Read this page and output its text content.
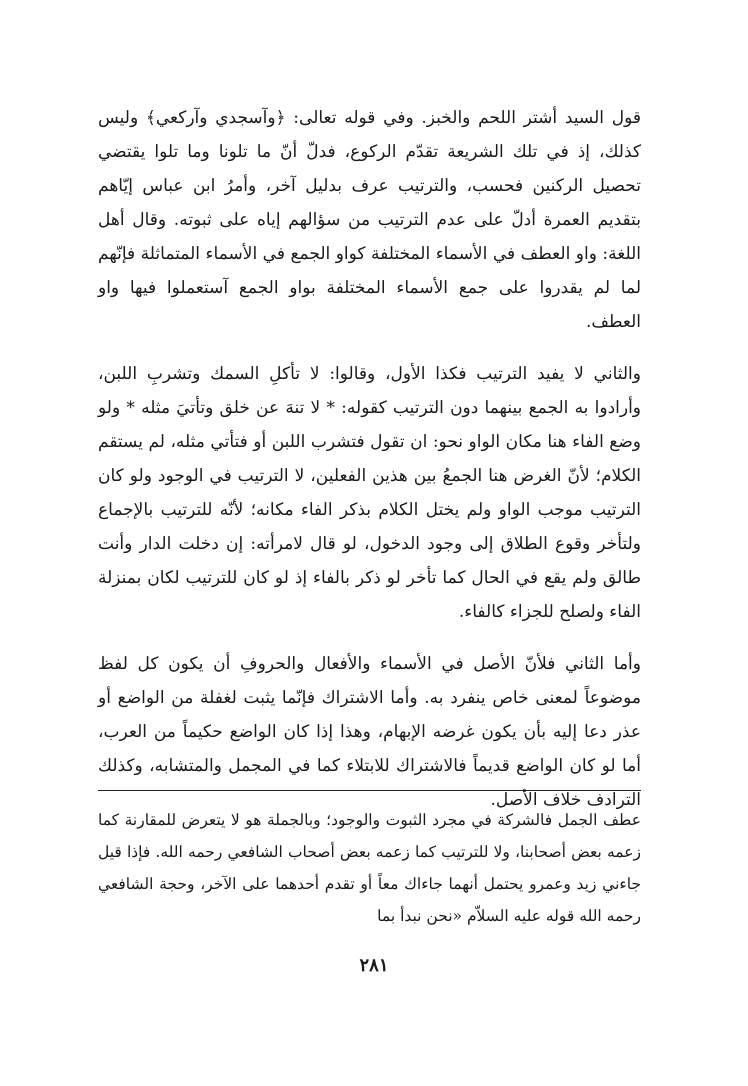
قول السيد أشتر اللحم والخبز. وفي قوله تعالى: ﴿وآسجدي وآركعي﴾ وليس كذلك، إذ في تلك الشريعة تقدّم الركوع، فدلّ أنّ ما تلونا وما تلوا يقتضي تحصيل الركنين فحسب، والترتيب عرف بدليل آخر، وأمرُ ابن عباس إيّاهم بتقديم العمرة أدلّ على عدم الترتيب من سؤالهم إياه على ثبوته. وقال أهل اللغة: واو العطف في الأسماء المختلفة كواو الجمع في الأسماء المتماثلة فإنّهم لما لم يقدروا على جمع الأسماء المختلفة بواو الجمع آستعملوا فيها واو العطف.

والثاني لا يفيد الترتيب فكذا الأول، وقالوا: لا تأكلِ السمك وتشربِ اللبن، وأرادوا به الجمع بينهما دون الترتيب كقوله: * لا تنهَ عن خلق وتأتيَ مثله * ولو وضع الفاء هنا مكان الواو نحو: ان تقول فتشرب اللبن أو فتأتي مثله، لم يستقم الكلام؛ لأنّ الغرض هنا الجمعُ بين هذين الفعلين، لا الترتيب في الوجود ولو كان الترتيب موجب الواو ولم يختل الكلام بذكر الفاء مكانه؛ لأنّه للترتيب بالإجماع ولتأخر وقوع الطلاق إلى وجود الدخول، لو قال لامرأته: إن دخلت الدار وأنت طالق ولم يقع في الحال كما تأخر لو ذكر بالفاء إذ لو كان للترتيب لكان بمنزلة الفاء ولصلح للجزاء كالفاء.

وأما الثاني فلأنّ الأصل في الأسماء والأفعال والحروفِ أن يكون كل لفظ موضوعاً لمعنى خاص ينفرد به. وأما الاشتراك فإنّما يثبت لغفلة من الواضع أو عذر دعا إليه بأن يكون غرضه الإبهام، وهذا إذا كان الواضع حكيماً من العرب، أما لو كان الواضع قديماً فالاشتراك للابتلاء كما في المجمل والمتشابه، وكذلك الترادف خلاف الأصل.

عطف الجمل فالشركة في مجرد الثبوت والوجود؛ وبالجملة هو لا يتعرض للمقارنة كما زعمه بعض أصحابنا، ولا للترتيب كما زعمه بعض أصحاب الشافعي رحمه الله. فإذا قيل جاءني زيد وعمرو يحتمل أنهما جاءاك معاً أو تقدم أحدهما على الآخر، وحجة الشافعي رحمه الله قوله عليه السلاّم «نحن نبدأ بما

٢٨١
